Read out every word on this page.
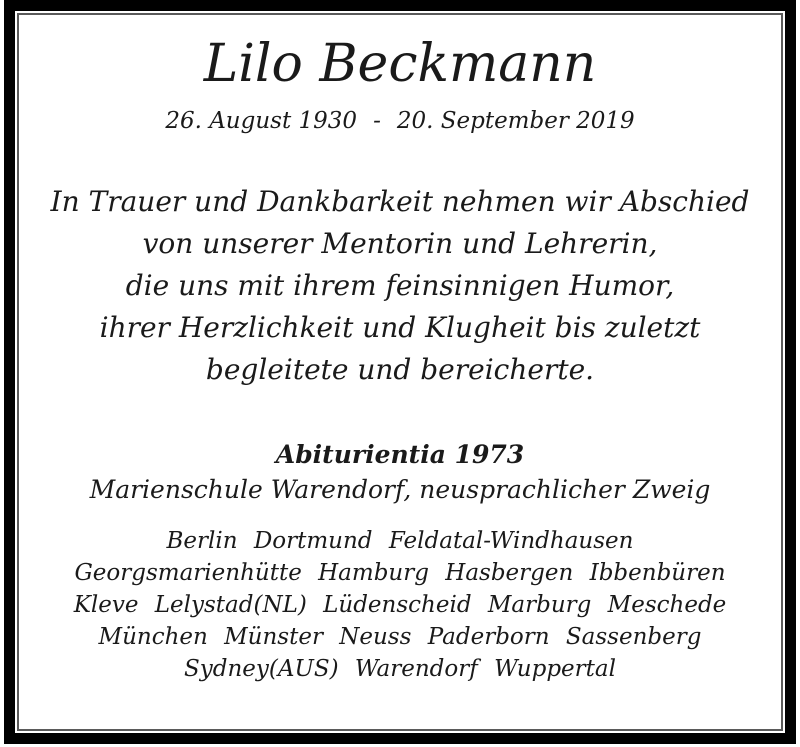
Lilo Beckmann
26. August 1930 - 20. September 2019
In Trauer und Dankbarkeit nehmen wir Abschied
von unserer Mentorin und Lehrerin,
die uns mit ihrem feinsinnigen Humor,
ihrer Herzlichkeit und Klugheit bis zuletzt
begleitete und bereicherte.
Abiturientia 1973
Marienschule Warendorf, neusprachlicher Zweig
Berlin Dortmund Feldatal-Windhausen
Georgsmarienhütte Hamburg Hasbergen Ibbenbüren
Kleve Lelystad(NL) Lüdenscheid Marburg Meschede
München Münster Neuss Paderborn Sassenberg
Sydney(AUS) Warendorf Wuppertal
